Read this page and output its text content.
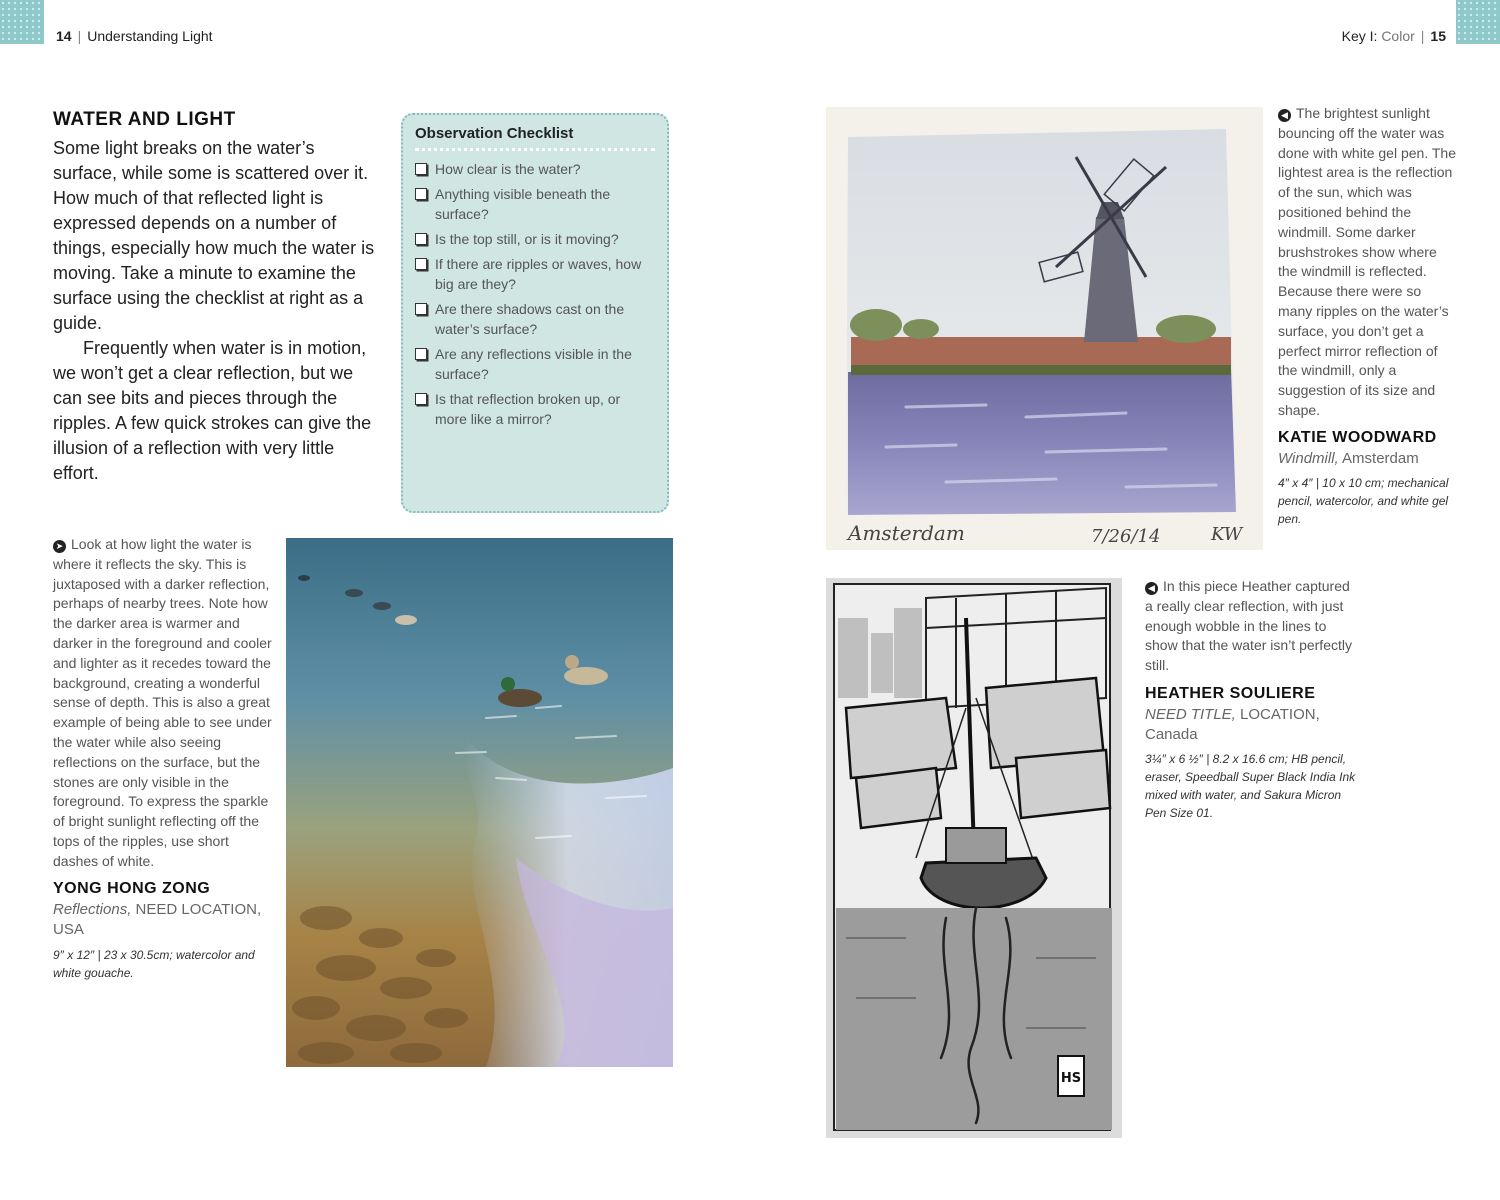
14 | Understanding Light	Key I: Color | 15
WATER AND LIGHT

Some light breaks on the water’s surface, while some is scattered over it. How much of that reflected light is expressed depends on a number of things, especially how much the water is moving. Take a minute to examine the surface using the checklist at right as a guide.

Frequently when water is in motion, we won’t get a clear reflection, but we can see bits and pieces through the ripples. A few quick strokes can give the illusion of a reflection with very little effort.

Observation Checklist
How clear is the water?
Anything visible beneath the surface?
Is the top still, or is it moving?
If there are ripples or waves, how big are they?
Are there shadows cast on the water’s surface?
Are any reflections visible in the surface?
Is that reflection broken up, or more like a mirror?
➤ Look at how light the water is where it reflects the sky. This is juxtaposed with a darker reflection, perhaps of nearby trees. Note how the darker area is warmer and darker in the foreground and cooler and lighter as it recedes toward the background, creating a wonderful sense of depth. This is also a great example of being able to see under the water while also seeing reflections on the surface, but the stones are only visible in the foreground. To express the sparkle of bright sunlight reflecting off the tops of the ripples, use short dashes of white.
YONG HONG ZONG
Reflections, NEED LOCATION, USA
9″ x 12″ | 23 x 30.5cm; watercolor and white gouache.
Amsterdam	7/26/14	KW
◀ The brightest sunlight bouncing off the water was done with white gel pen. The lightest area is the reflection of the sun, which was positioned behind the windmill. Some darker brushstrokes show where the windmill is reflected. Because there were so many ripples on the water’s surface, you don’t get a perfect mirror reflection of the windmill, only a suggestion of its size and shape.
KATIE WOODWARD
Windmill, Amsterdam
4″ x 4″ | 10 x 10 cm; mechanical pencil, watercolor, and white gel pen.
HS
◀ In this piece Heather captured a really clear reflection, with just enough wobble in the lines to show that the water isn’t perfectly still.
HEATHER SOULIERE
NEED TITLE, LOCATION, Canada
3¼″ x 6 ½″ | 8.2 x 16.6 cm; HB pencil, eraser, Speedball Super Black India Ink mixed with water, and Sakura Micron Pen Size 01.
